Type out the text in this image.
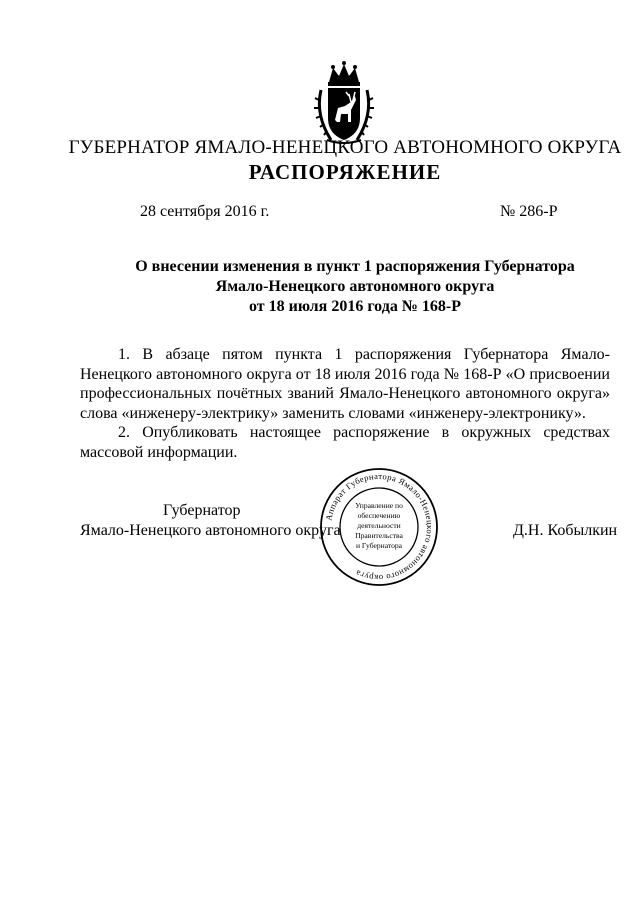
ГУБЕРНАТОР ЯМАЛО-НЕНЕЦКОГО АВТОНОМНОГО ОКРУГА
РАСПОРЯЖЕНИЕ
28 сентября 2016 г.	№ 286-Р
О внесении изменения в пункт 1 распоряжения Губернатора
Ямало-Ненецкого автономного округа
от 18 июля 2016 года № 168-Р

1. В абзаце пятом пункта 1 распоряжения Губернатора Ямало-Ненецкого автономного округа от 18 июля 2016 года № 168-Р «О присвоении профессиональных почётных званий Ямало-Ненецкого автономного округа» слова «инженеру-электрику» заменить словами «инженеру-электронику».

2. Опубликовать настоящее распоряжение в окружных средствах массовой информации.

Губернатор
Ямало-Ненецкого автономного округа	Д.Н. Кобылкин
Аппарат Губернатора Ямало-Ненецкого автономного округа
Управление по
обеспечению
деятельности
Правительства
и Губернатора
